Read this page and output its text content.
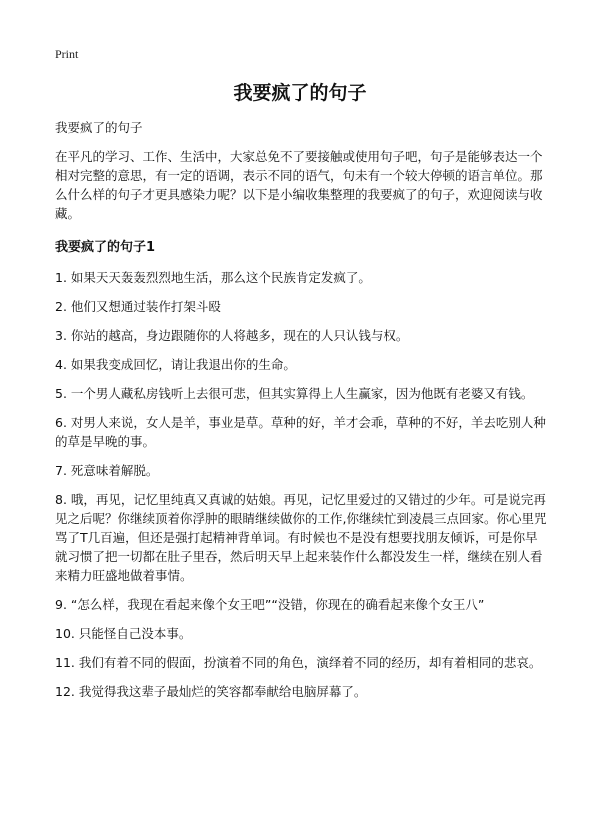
Print
我要疯了的句子

我要疯了的句子

在平凡的学习、工作、生活中，大家总免不了要接触或使用句子吧，句子是能够表达一个相对完整的意思，有一定的语调，表示不同的语气，句未有一个较大停顿的语言单位。那么什么样的句子才更具感染力呢？以下是小编收集整理的我要疯了的句子，欢迎阅读与收藏。

我要疯了的句子1

1. 如果天天轰轰烈烈地生活，那么这个民族肯定发疯了。
2. 他们又想通过装作打架斗殴
3. 你站的越高，身边跟随你的人将越多，现在的人只认钱与权。
4. 如果我变成回忆，请让我退出你的生命。
5. 一个男人藏私房钱听上去很可悲，但其实算得上人生赢家，因为他既有老婆又有钱。
6. 对男人来说，女人是羊，事业是草。草种的好，羊才会乖，草种的不好，羊去吃别人种的草是早晚的事。
7. 死意味着解脱。
8. 哦，再见，记忆里纯真又真诚的姑娘。再见，记忆里爱过的又错过的少年。可是说完再见之后呢？你继续顶着你浮肿的眼睛继续做你的工作,你继续忙到凌晨三点回家。你心里咒骂了T几百遍，但还是强打起精神背单词。有时候也不是没有想要找朋友倾诉，可是你早就习惯了把一切都在肚子里吞，然后明天早上起来装作什么都没发生一样，继续在别人看来精力旺盛地做着事情。
9. “怎么样，我现在看起来像个女王吧”“没错，你现在的确看起来像个女王八”
10. 只能怪自己没本事。
11. 我们有着不同的假面，扮演着不同的角色，演绎着不同的经历，却有着相同的悲哀。
12. 我觉得我这辈子最灿烂的笑容都奉献给电脑屏幕了。
